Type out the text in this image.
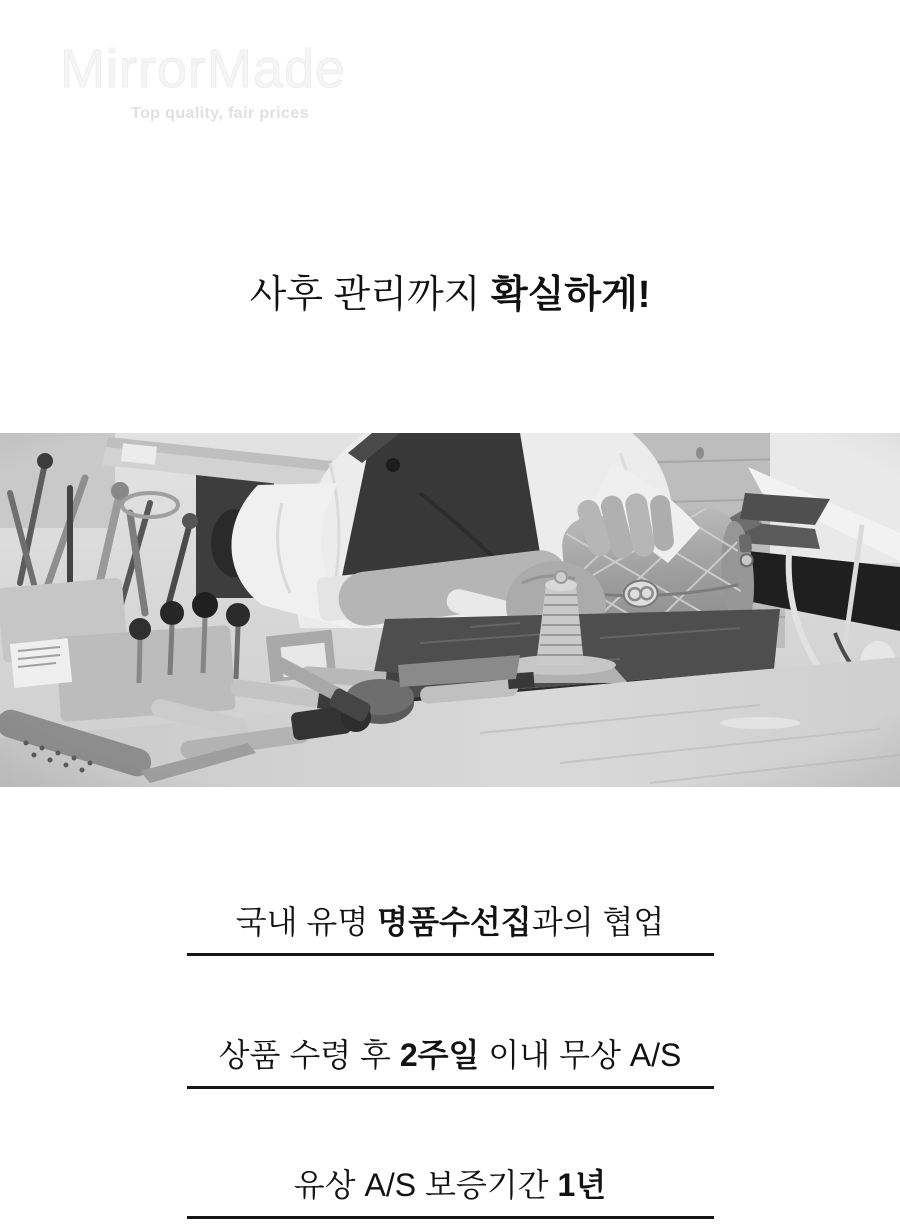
MirrorMade
Top quality, fair prices
사후 관리까지 확실하게!
국내 유명 명품수선집과의 협업
상품 수령 후 2주일 이내 무상 A/S
유상 A/S 보증기간 1년
